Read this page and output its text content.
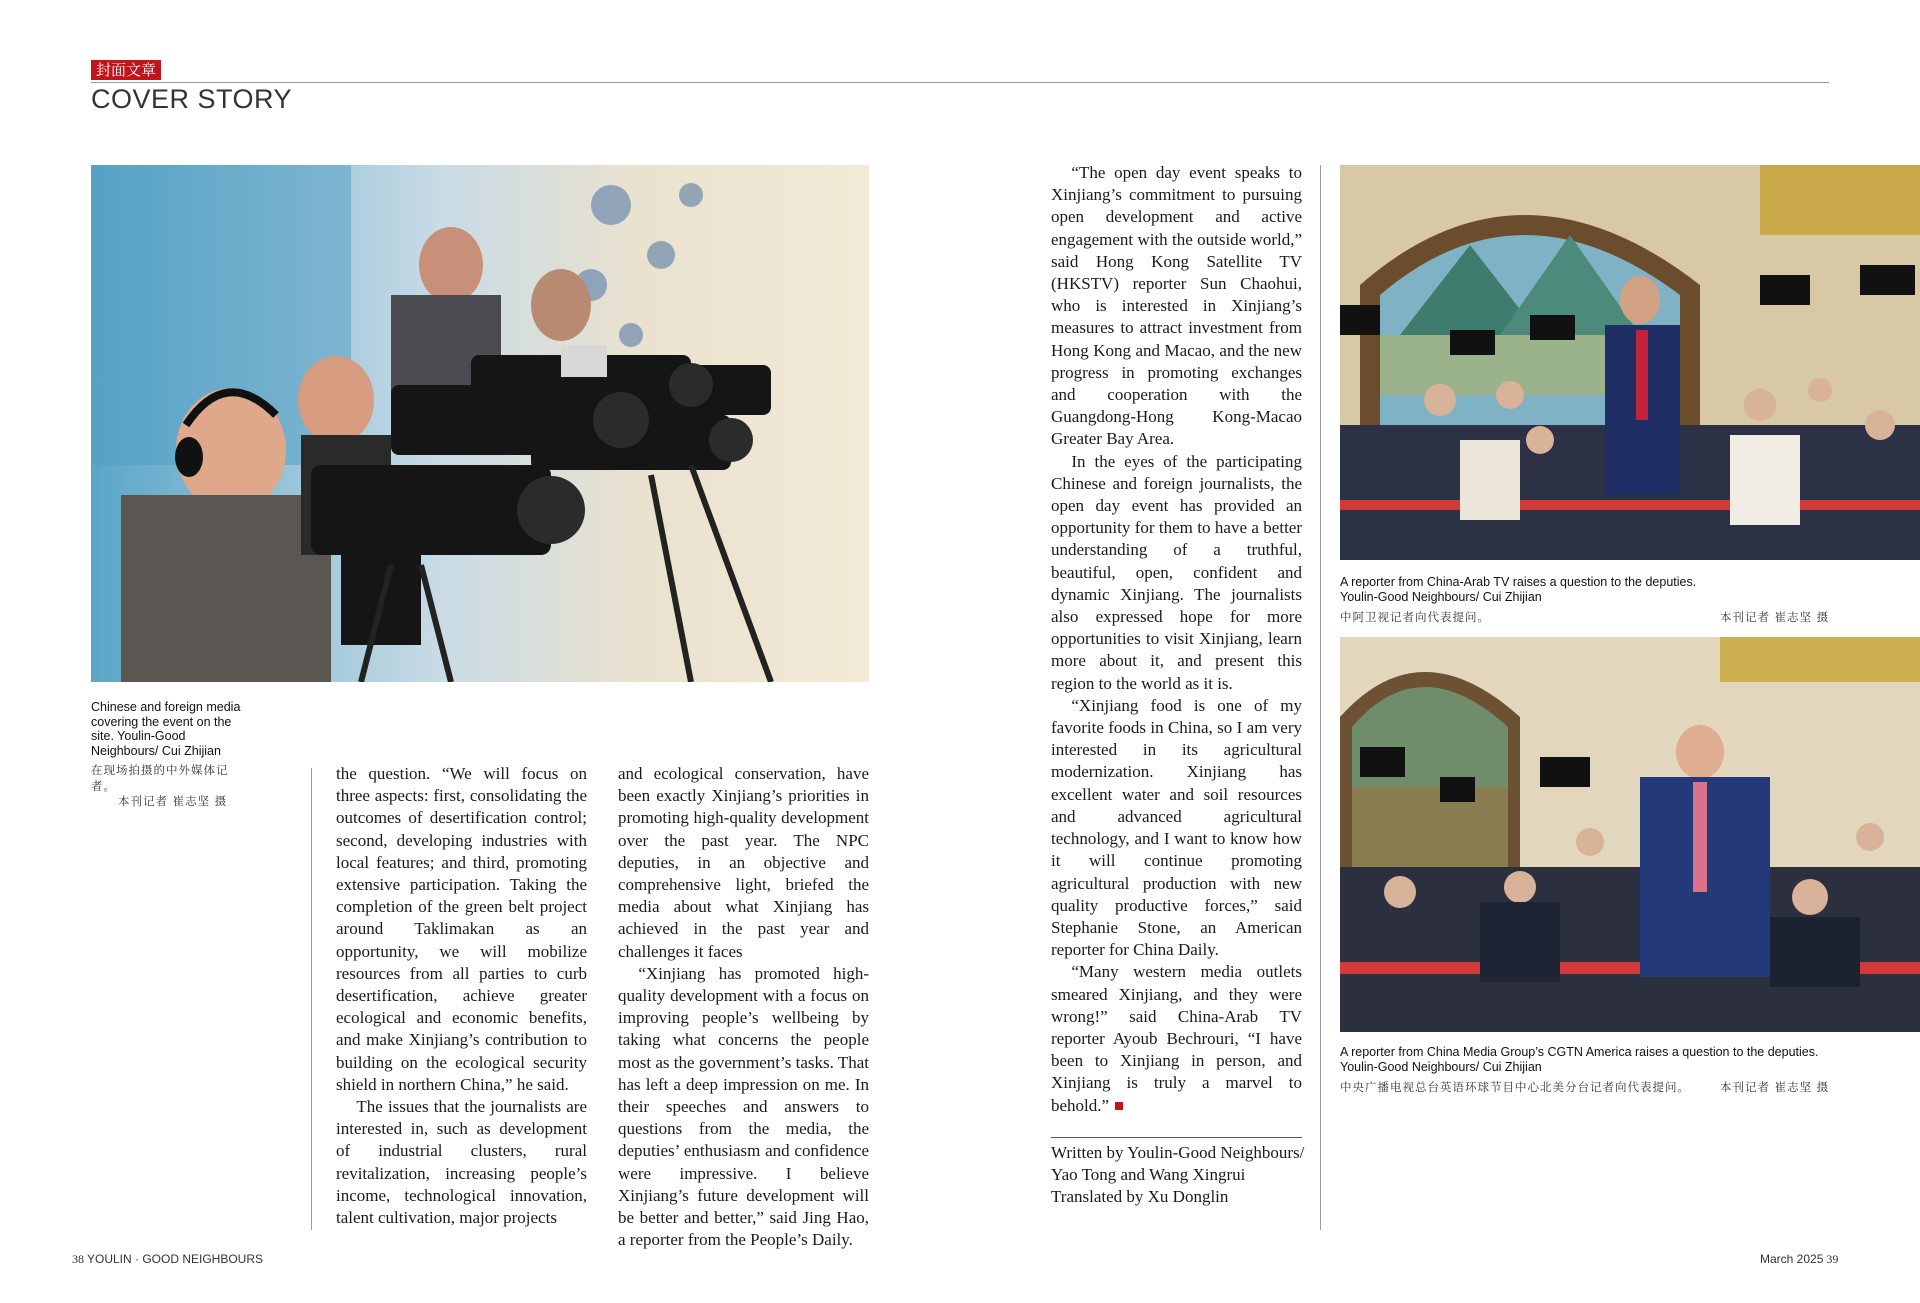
封面文章
COVER STORY
Chinese and foreign media covering the event on the site. Youlin-Good Neighbours/ Cui Zhijian
在现场拍摄的中外媒体记者。
本刊记者 崔志坚 摄

the question. “We will focus on three aspects: first, consolidating the outcomes of desertification control; second, developing industries with local features; and third, promoting extensive participation. Taking the completion of the green belt project around Taklimakan as an opportunity, we will mobilize resources from all parties to curb desertification, achieve greater ecological and economic benefits, and make Xinjiang’s contribution to building on the ecological security shield in northern China,” he said.

The issues that the journalists are interested in, such as development of industrial clusters, rural revitalization, increasing people’s income, technological innovation, talent cultivation, major projects

and ecological conservation, have been exactly Xinjiang’s priorities in promoting high-quality development over the past year. The NPC deputies, in an objective and comprehensive light, briefed the media about what Xinjiang has achieved in the past year and challenges it faces

“Xinjiang has promoted high-quality development with a focus on improving people’s wellbeing by taking what concerns the people most as the government’s tasks. That has left a deep impression on me. In their speeches and answers to questions from the media, the deputies’ enthusiasm and confidence were impressive. I believe Xinjiang’s future development will be better and better,” said Jing Hao, a reporter from the People’s Daily.

“The open day event speaks to Xinjiang’s commitment to pursuing open development and active engagement with the outside world,” said Hong Kong Satellite TV (HKSTV) reporter Sun Chaohui, who is interested in Xinjiang’s measures to attract investment from Hong Kong and Macao, and the new progress in promoting exchanges and cooperation with the Guangdong-Hong Kong-Macao Greater Bay Area.

In the eyes of the participating Chinese and foreign journalists, the open day event has provided an opportunity for them to have a better understanding of a truthful, beautiful, open, confident and dynamic Xinjiang. The journalists also expressed hope for more opportunities to visit Xinjiang, learn more about it, and present this region to the world as it is.

“Xinjiang food is one of my favorite foods in China, so I am very interested in its agricultural modernization. Xinjiang has excellent water and soil resources and advanced agricultural technology, and I want to know how it will continue promoting agricultural production with new quality productive forces,” said Stephanie Stone, an American reporter for China Daily.

“Many western media outlets smeared Xinjiang, and they were wrong!” said China-Arab TV reporter Ayoub Bechrouri, “I have been to Xinjiang in person, and Xinjiang is truly a marvel to behold.”

Written by Youlin-Good Neighbours/
Yao Tong and Wang Xingrui
Translated by Xu Donglin
A reporter from China-Arab TV raises a question to the deputies.
Youlin-Good Neighbours/ Cui Zhijian
中阿卫视记者向代表提问。	本刊记者 崔志坚 摄
A reporter from China Media Group’s CGTN America raises a question to the deputies.
Youlin-Good Neighbours/ Cui Zhijian
中央广播电视总台英语环球节目中心北美分台记者向代表提问。	本刊记者 崔志坚 摄
38 YOULIN · GOOD NEIGHBOURS	March 2025 39
